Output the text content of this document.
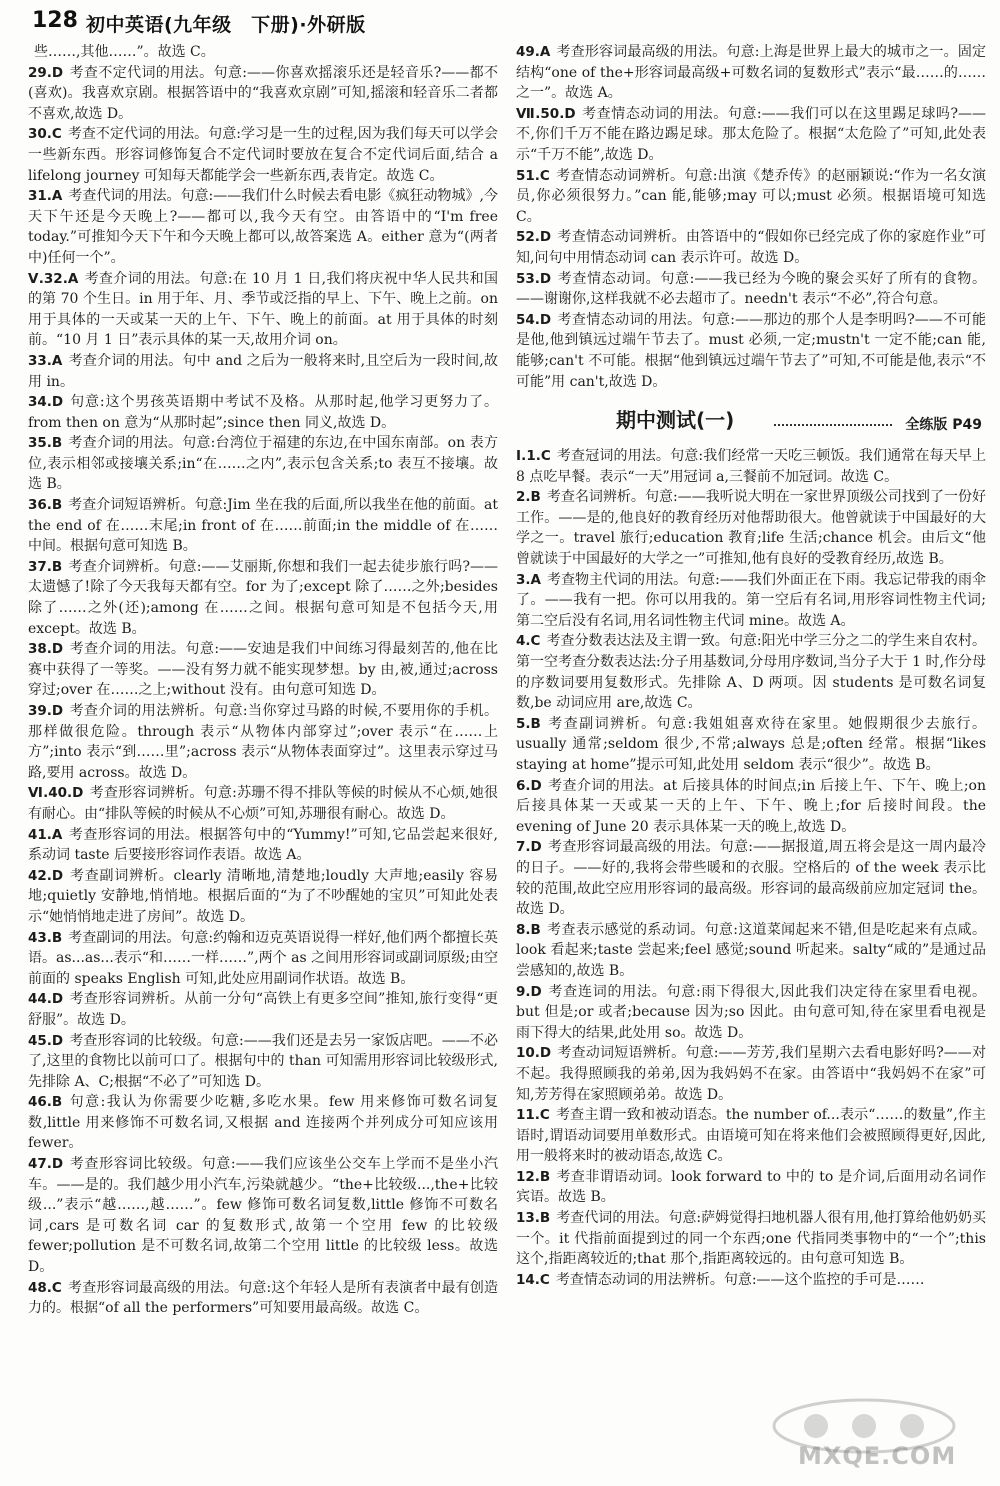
128 初中英语(九年级　下册)·外研版
些……,其他……”。故选 C。
29.D 考查不定代词的用法。句意:——你喜欢摇滚乐还是轻音乐?——都不(喜欢)。我喜欢京剧。根据答语中的“我喜欢京剧”可知,摇滚和轻音乐二者都不喜欢,故选 D。
30.C 考查不定代词的用法。句意:学习是一生的过程,因为我们每天可以学会一些新东西。形容词修饰复合不定代词时要放在复合不定代词后面,结合 a lifelong journey 可知每天都能学会一些新东西,表肯定。故选 C。
31.A 考查代词的用法。句意:——我们什么时候去看电影《疯狂动物城》,今天下午还是今天晚上?——都可以,我今天有空。由答语中的“I'm free today.”可推知今天下午和今天晚上都可以,故答案选 A。either 意为“(两者中)任何一个”。
Ⅴ.32.A 考查介词的用法。句意:在 10 月 1 日,我们将庆祝中华人民共和国的第 70 个生日。in 用于年、月、季节或泛指的早上、下午、晚上之前。on 用于具体的一天或某一天的上午、下午、晚上的前面。at 用于具体的时刻前。“10 月 1 日”表示具体的某一天,故用介词 on。
33.A 考查介词的用法。句中 and 之后为一般将来时,且空后为一段时间,故用 in。
34.D 句意:这个男孩英语期中考试不及格。从那时起,他学习更努力了。from then on 意为“从那时起”;since then 同义,故选 D。
35.B 考查介词的用法。句意:台湾位于福建的东边,在中国东南部。on 表方位,表示相邻或接壤关系;in“在……之内”,表示包含关系;to 表互不接壤。故选 B。
36.B 考查介词短语辨析。句意:Jim 坐在我的后面,所以我坐在他的前面。at the end of 在……末尾;in front of 在……前面;in the middle of 在……中间。根据句意可知选 B。
37.B 考查介词辨析。句意:——艾丽斯,你想和我们一起去徒步旅行吗?——太遗憾了!除了今天我每天都有空。for 为了;except 除了……之外;besides 除了……之外(还);among 在……之间。根据句意可知是不包括今天,用 except。故选 B。
38.D 考查介词的用法。句意:——安迪是我们中间练习得最刻苦的,他在比赛中获得了一等奖。——没有努力就不能实现梦想。by 由,被,通过;across 穿过;over 在……之上;without 没有。由句意可知选 D。
39.D 考查介词的用法辨析。句意:当你穿过马路的时候,不要用你的手机。那样做很危险。through 表示“从物体内部穿过”;over 表示“在……上方”;into 表示“到……里”;across 表示“从物体表面穿过”。这里表示穿过马路,要用 across。故选 D。
Ⅵ.40.D 考查形容词辨析。句意:苏珊不得不排队等候的时候从不心烦,她很有耐心。由“排队等候的时候从不心烦”可知,苏珊很有耐心。故选 D。
41.A 考查形容词的用法。根据答句中的“Yummy!”可知,它品尝起来很好,系动词 taste 后要接形容词作表语。故选 A。
42.D 考查副词辨析。clearly 清晰地,清楚地;loudly 大声地;easily 容易地;quietly 安静地,悄悄地。根据后面的“为了不吵醒她的宝贝”可知此处表示“她悄悄地走进了房间”。故选 D。
43.B 考查副词的用法。句意:约翰和迈克英语说得一样好,他们两个都擅长英语。as...as...表示“和……一样……”,两个 as 之间用形容词或副词原级;由空前面的 speaks English 可知,此处应用副词作状语。故选 B。
44.D 考查形容词辨析。从前一分句“高铁上有更多空间”推知,旅行变得“更舒服”。故选 D。
45.D 考查形容词的比较级。句意:——我们还是去另一家饭店吧。——不必了,这里的食物比以前可口了。根据句中的 than 可知需用形容词比较级形式,先排除 A、C;根据“不必了”可知选 D。
46.B 句意:我认为你需要少吃糖,多吃水果。few 用来修饰可数名词复数,little 用来修饰不可数名词,又根据 and 连接两个并列成分可知应该用 fewer。
47.D 考查形容词比较级。句意:——我们应该坐公交车上学而不是坐小汽车。——是的。我们越少用小汽车,污染就越少。“the+比较级...,the+比较级...”表示“越……,越……”。few 修饰可数名词复数,little 修饰不可数名词,cars 是可数名词 car 的复数形式,故第一个空用 few 的比较级 fewer;pollution 是不可数名词,故第二个空用 little 的比较级 less。故选 D。
48.C 考查形容词最高级的用法。句意:这个年轻人是所有表演者中最有创造力的。根据“of all the performers”可知要用最高级。故选 C。
49.A 考查形容词最高级的用法。句意:上海是世界上最大的城市之一。固定结构“one of the+形容词最高级+可数名词的复数形式”表示“最……的……之一”。故选 A。
Ⅶ.50.D 考查情态动词的用法。句意:——我们可以在这里踢足球吗?——不,你们千万不能在路边踢足球。那太危险了。根据“太危险了”可知,此处表示“千万不能”,故选 D。
51.C 考查情态动词辨析。句意:出演《楚乔传》的赵丽颖说:“作为一名女演员,你必须很努力。”can 能,能够;may 可以;must 必须。根据语境可知选 C。
52.D 考查情态动词辨析。由答语中的“假如你已经完成了你的家庭作业”可知,问句中用情态动词 can 表示许可。故选 D。
53.D 考查情态动词。句意:——我已经为今晚的聚会买好了所有的食物。——谢谢你,这样我就不必去超市了。needn't 表示“不必”,符合句意。
54.D 考查情态动词的用法。句意:——那边的那个人是李明吗?——不可能是他,他到镇远过端午节去了。must 必须,一定;mustn't 一定不能;can 能,能够;can't 不可能。根据“他到镇远过端午节去了”可知,不可能是他,表示“不可能”用 can't,故选 D。
期中测试(一)	全练版 P49
Ⅰ.1.C 考查冠词的用法。句意:我们经常一天吃三顿饭。我们通常在每天早上 8 点吃早餐。表示“一天”用冠词 a,三餐前不加冠词。故选 C。
2.B 考查名词辨析。句意:——我听说大明在一家世界顶级公司找到了一份好工作。——是的,他良好的教育经历对他帮助很大。他曾就读于中国最好的大学之一。travel 旅行;education 教育;life 生活;chance 机会。由后文“他曾就读于中国最好的大学之一”可推知,他有良好的受教育经历,故选 B。
3.A 考查物主代词的用法。句意:——我们外面正在下雨。我忘记带我的雨伞了。——我有一把。你可以用我的。第一空后有名词,用形容词性物主代词;第二空后没有名词,用名词性物主代词 mine。故选 A。
4.C 考查分数表达法及主谓一致。句意:阳光中学三分之二的学生来自农村。第一空考查分数表达法:分子用基数词,分母用序数词,当分子大于 1 时,作分母的序数词要用复数形式。先排除 A、D 两项。因 students 是可数名词复数,be 动词应用 are,故选 C。
5.B 考查副词辨析。句意:我姐姐喜欢待在家里。她假期很少去旅行。usually 通常;seldom 很少,不常;always 总是;often 经常。根据“likes staying at home”提示可知,此处用 seldom 表示“很少”。故选 B。
6.D 考查介词的用法。at 后接具体的时间点;in 后接上午、下午、晚上;on 后接具体某一天或某一天的上午、下午、晚上;for 后接时间段。the evening of June 20 表示具体某一天的晚上,故选 D。
7.D 考查形容词最高级的用法。句意:——据报道,周五将会是这一周内最冷的日子。——好的,我将会带些暖和的衣服。空格后的 of the week 表示比较的范围,故此空应用形容词的最高级。形容词的最高级前应加定冠词 the。故选 D。
8.B 考查表示感觉的系动词。句意:这道菜闻起来不错,但是吃起来有点咸。look 看起来;taste 尝起来;feel 感觉;sound 听起来。salty“咸的”是通过品尝感知的,故选 B。
9.D 考查连词的用法。句意:雨下得很大,因此我们决定待在家里看电视。but 但是;or 或者;because 因为;so 因此。由句意可知,待在家里看电视是雨下得大的结果,此处用 so。故选 D。
10.D 考查动词短语辨析。句意:——芳芳,我们星期六去看电影好吗?——对不起。我得照顾我的弟弟,因为我妈妈不在家。由答语中“我妈妈不在家”可知,芳芳得在家照顾弟弟。故选 D。
11.C 考查主谓一致和被动语态。the number of...表示“……的数量”,作主语时,谓语动词要用单数形式。由语境可知在将来他们会被照顾得更好,因此,用一般将来时的被动语态,故选 C。
12.B 考查非谓语动词。look forward to 中的 to 是介词,后面用动名词作宾语。故选 B。
13.B 考查代词的用法。句意:萨姆觉得扫地机器人很有用,他打算给他奶奶买一个。it 代指前面提到过的同一个东西;one 代指同类事物中的“一个”;this 这个,指距离较近的;that 那个,指距离较远的。由句意可知选 B。
14.C 考查情态动词的用法辨析。句意:——这个监控的手可是……
MXQE.COM
